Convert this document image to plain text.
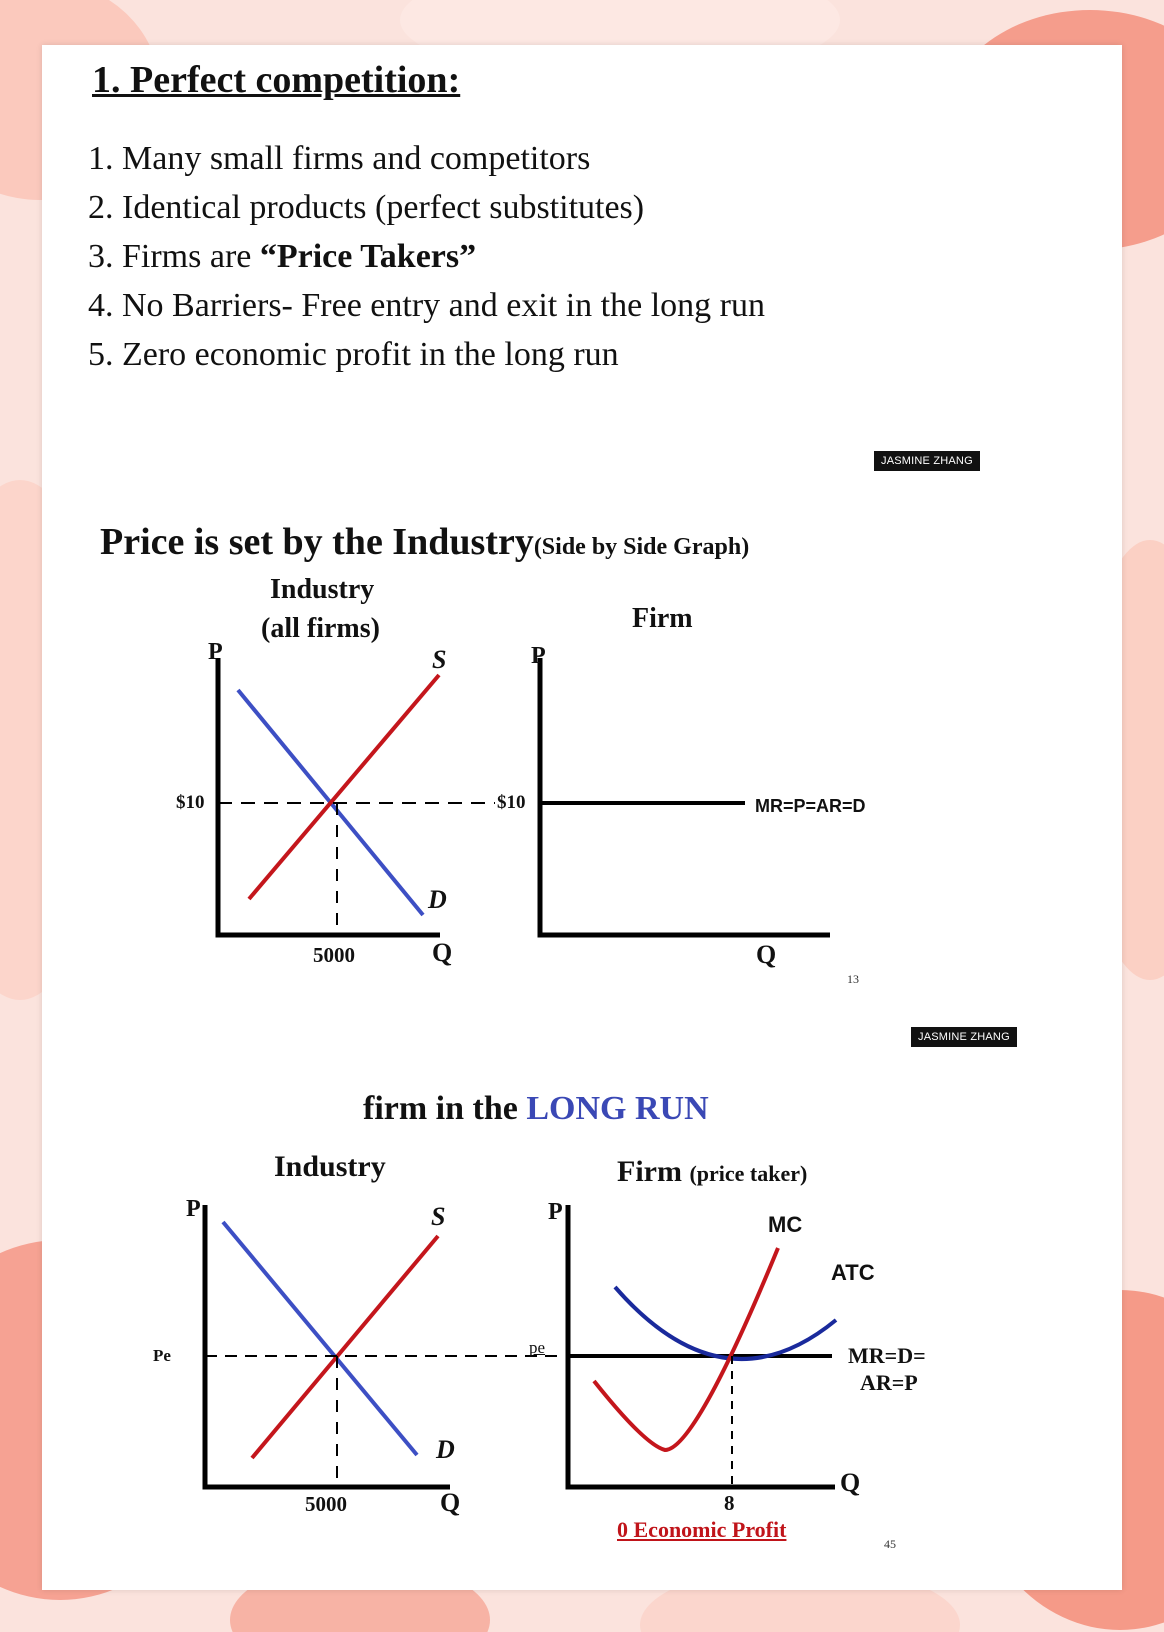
1. Perfect competition:
1. Many small firms and competitors
2. Identical products (perfect substitutes)
3. Firms are “Price Takers”
4. No Barriers- Free entry and exit in the long run
5. Zero economic profit in the long run
JASMINE ZHANG
Price is set by the Industry(Side by Side Graph)
Industry
(all firms)	Firm
P	P
S
D
Q	Q
$10	$10
5000
MR=P=AR=D
13
JASMINE ZHANG
firm in the LONG RUN
Industry	Firm (price taker)
P	P
S
D
Q
Q
Pe	pe
5000
MC
ATC
MR=D=
AR=P
8
0 Economic Profit
45
